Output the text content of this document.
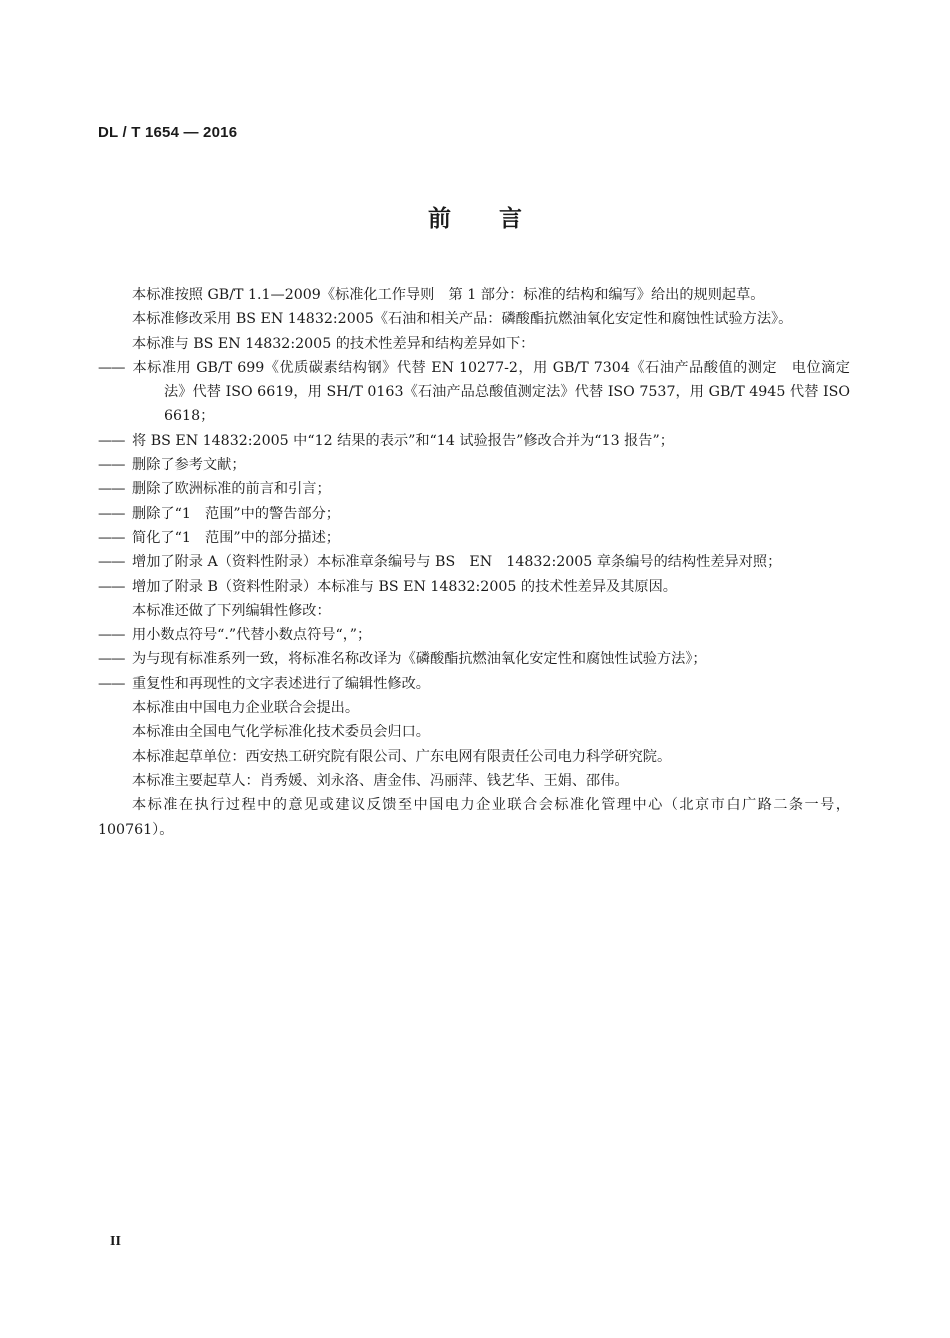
DL / T 1654 — 2016
前言

本标准按照 GB/T 1.1—2009《标准化工作导则　第 1 部分：标准的结构和编写》给出的规则起草。

本标准修改采用 BS EN 14832:2005《石油和相关产品：磷酸酯抗燃油氧化安定性和腐蚀性试验方法》。

本标准与 BS EN 14832:2005 的技术性差异和结构差异如下：

—— 本标准用 GB/T 699《优质碳素结构钢》代替 EN 10277-2，用 GB/T 7304《石油产品酸值的测定　电位滴定法》代替 ISO 6619，用 SH/T 0163《石油产品总酸值测定法》代替 ISO 7537，用 GB/T 4945 代替 ISO 6618；

—— 将 BS EN 14832:2005 中“12 结果的表示”和“14 试验报告”修改合并为“13 报告”；

—— 删除了参考文献；

—— 删除了欧洲标准的前言和引言；

—— 删除了“1　范围”中的警告部分；

—— 简化了“1　范围”中的部分描述；

—— 增加了附录 A（资料性附录）本标准章条编号与 BS　EN　14832:2005 章条编号的结构性差异对照；

—— 增加了附录 B（资料性附录）本标准与 BS EN 14832:2005 的技术性差异及其原因。

本标准还做了下列编辑性修改：

—— 用小数点符号“.”代替小数点符号“，”；

—— 为与现有标准系列一致，将标准名称改译为《磷酸酯抗燃油氧化安定性和腐蚀性试验方法》；

—— 重复性和再现性的文字表述进行了编辑性修改。

本标准由中国电力企业联合会提出。

本标准由全国电气化学标准化技术委员会归口。

本标准起草单位：西安热工研究院有限公司、广东电网有限责任公司电力科学研究院。

本标准主要起草人：肖秀媛、刘永洛、唐金伟、冯丽萍、钱艺华、王娟、邵伟。

本标准在执行过程中的意见或建议反馈至中国电力企业联合会标准化管理中心（北京市白广路二条一号，100761）。

II
